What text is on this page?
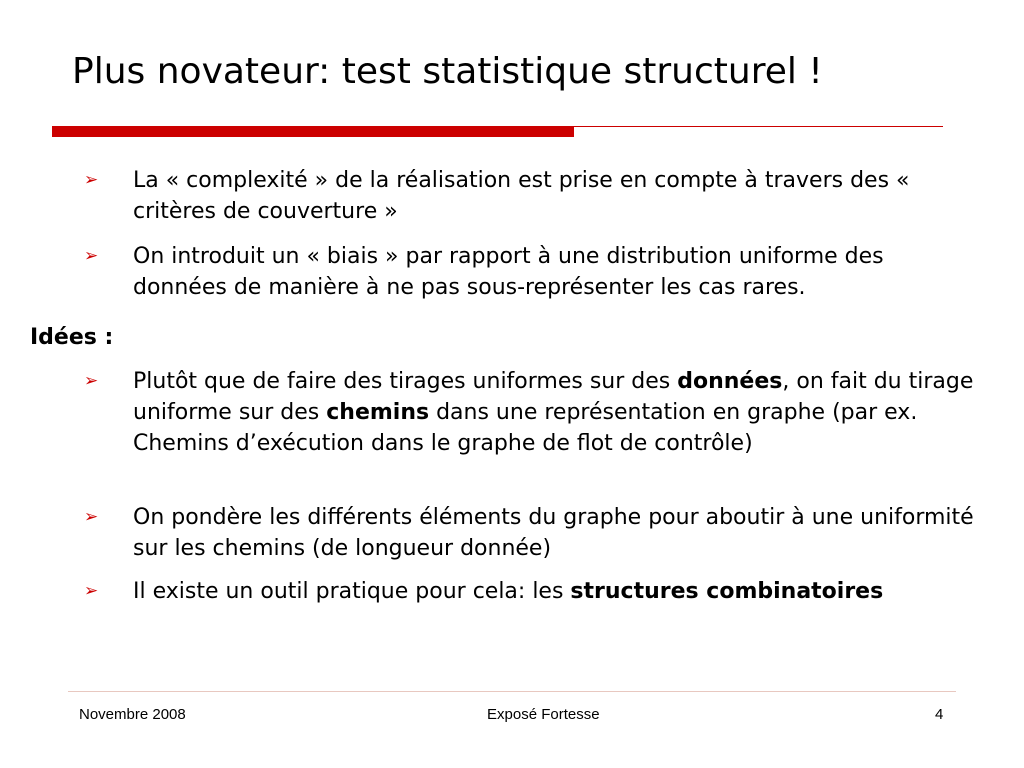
Plus novateur: test statistique structurel !
➢	La « complexité » de la réalisation est prise en compte à travers des « critères de couverture »
➢	On introduit un « biais » par rapport à une distribution uniforme des données de manière à ne pas sous-représenter les cas rares.
Idées :
➢	Plutôt que de faire des tirages uniformes sur des données, on fait du tirage uniforme sur des chemins dans une représentation en graphe (par ex. Chemins d’exécution dans le graphe de flot de contrôle)
➢	On pondère les différents éléments du graphe pour aboutir à une uniformité sur les chemins (de longueur donnée)
➢	Il existe un outil pratique pour cela: les structures combinatoires
Novembre 2008	Exposé Fortesse	4
